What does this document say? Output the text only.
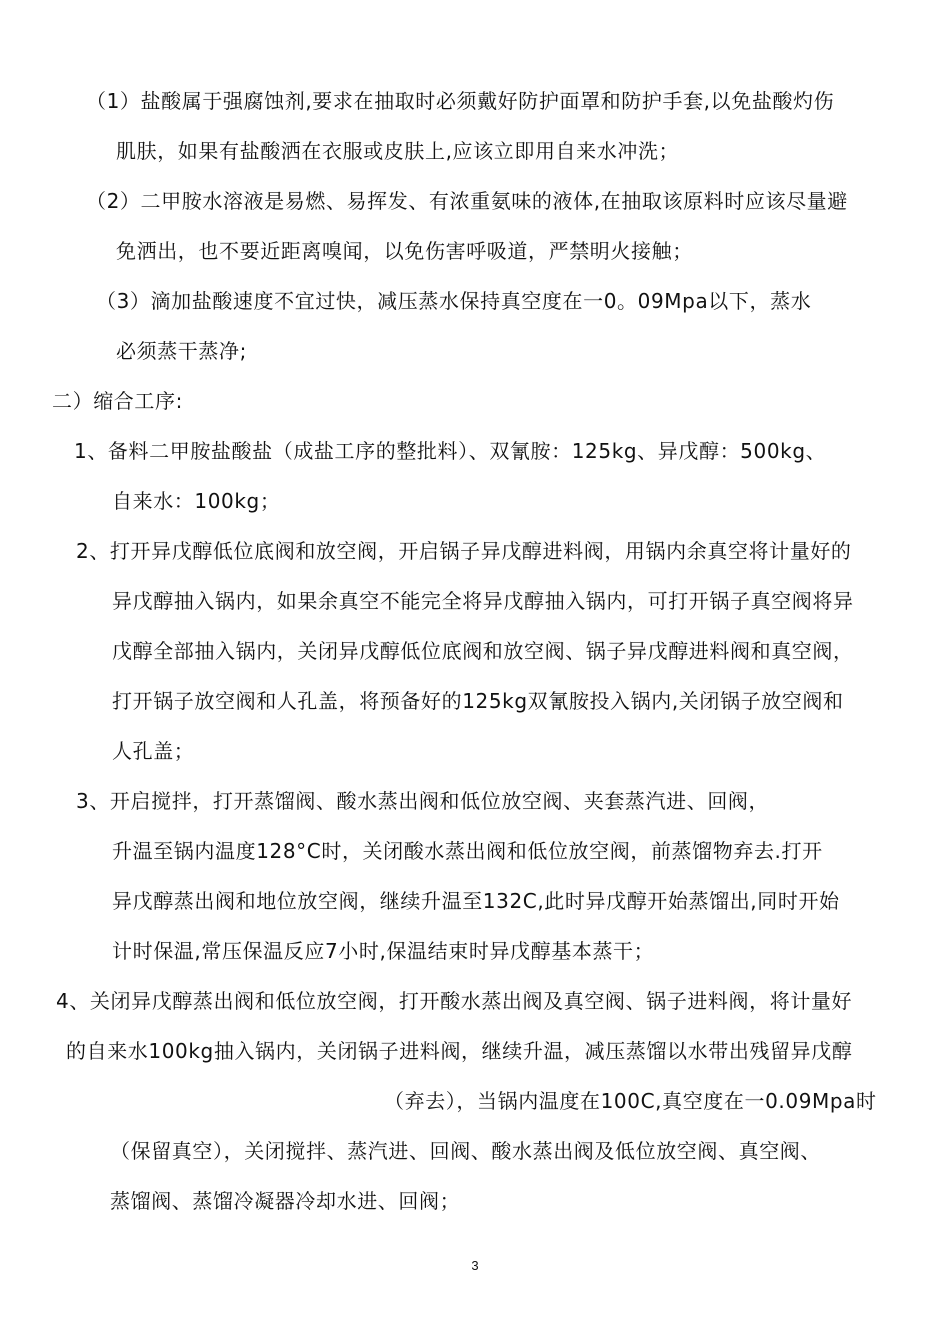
（1）盐酸属于强腐蚀剂,要求在抽取时必须戴好防护面罩和防护手套,以免盐酸灼伤
肌肤，如果有盐酸洒在衣服或皮肤上,应该立即用自来水冲洗；
（2）二甲胺水溶液是易燃、易挥发、有浓重氨味的液体,在抽取该原料时应该尽量避
免洒出，也不要近距离嗅闻，以免伤害呼吸道，严禁明火接触；
（3）滴加盐酸速度不宜过快，减压蒸水保持真空度在一0。09Mpa以下，蒸水
必须蒸干蒸净;
二）缩合工序:
1、备料二甲胺盐酸盐（成盐工序的整批料）、双氰胺：125kg、异戊醇：500kg、
自来水：100kg；
2、打开异戊醇低位底阀和放空阀，开启锅子异戊醇进料阀，用锅内余真空将计量好的
异戊醇抽入锅内，如果余真空不能完全将异戊醇抽入锅内，可打开锅子真空阀将异
戊醇全部抽入锅内，关闭异戊醇低位底阀和放空阀、锅子异戊醇进料阀和真空阀，
打开锅子放空阀和人孔盖，将预备好的125kg双氰胺投入锅内,关闭锅子放空阀和
人孔盖；
3、开启搅拌，打开蒸馏阀、酸水蒸出阀和低位放空阀、夹套蒸汽进、回阀，
升温至锅内温度128°C时，关闭酸水蒸出阀和低位放空阀，前蒸馏物弃去.打开
异戊醇蒸出阀和地位放空阀，继续升温至132C,此时异戊醇开始蒸馏出,同时开始
计时保温,常压保温反应7小时,保温结束时异戊醇基本蒸干；
4、关闭异戊醇蒸出阀和低位放空阀，打开酸水蒸出阀及真空阀、锅子进料阀，将计量好
的自来水100kg抽入锅内，关闭锅子进料阀，继续升温，减压蒸馏以水带出残留异戊醇
（弃去），当锅内温度在100C,真空度在一0.09Mpa时
（保留真空），关闭搅拌、蒸汽进、回阀、酸水蒸出阀及低位放空阀、真空阀、
蒸馏阀、蒸馏冷凝器冷却水进、回阀；
3
